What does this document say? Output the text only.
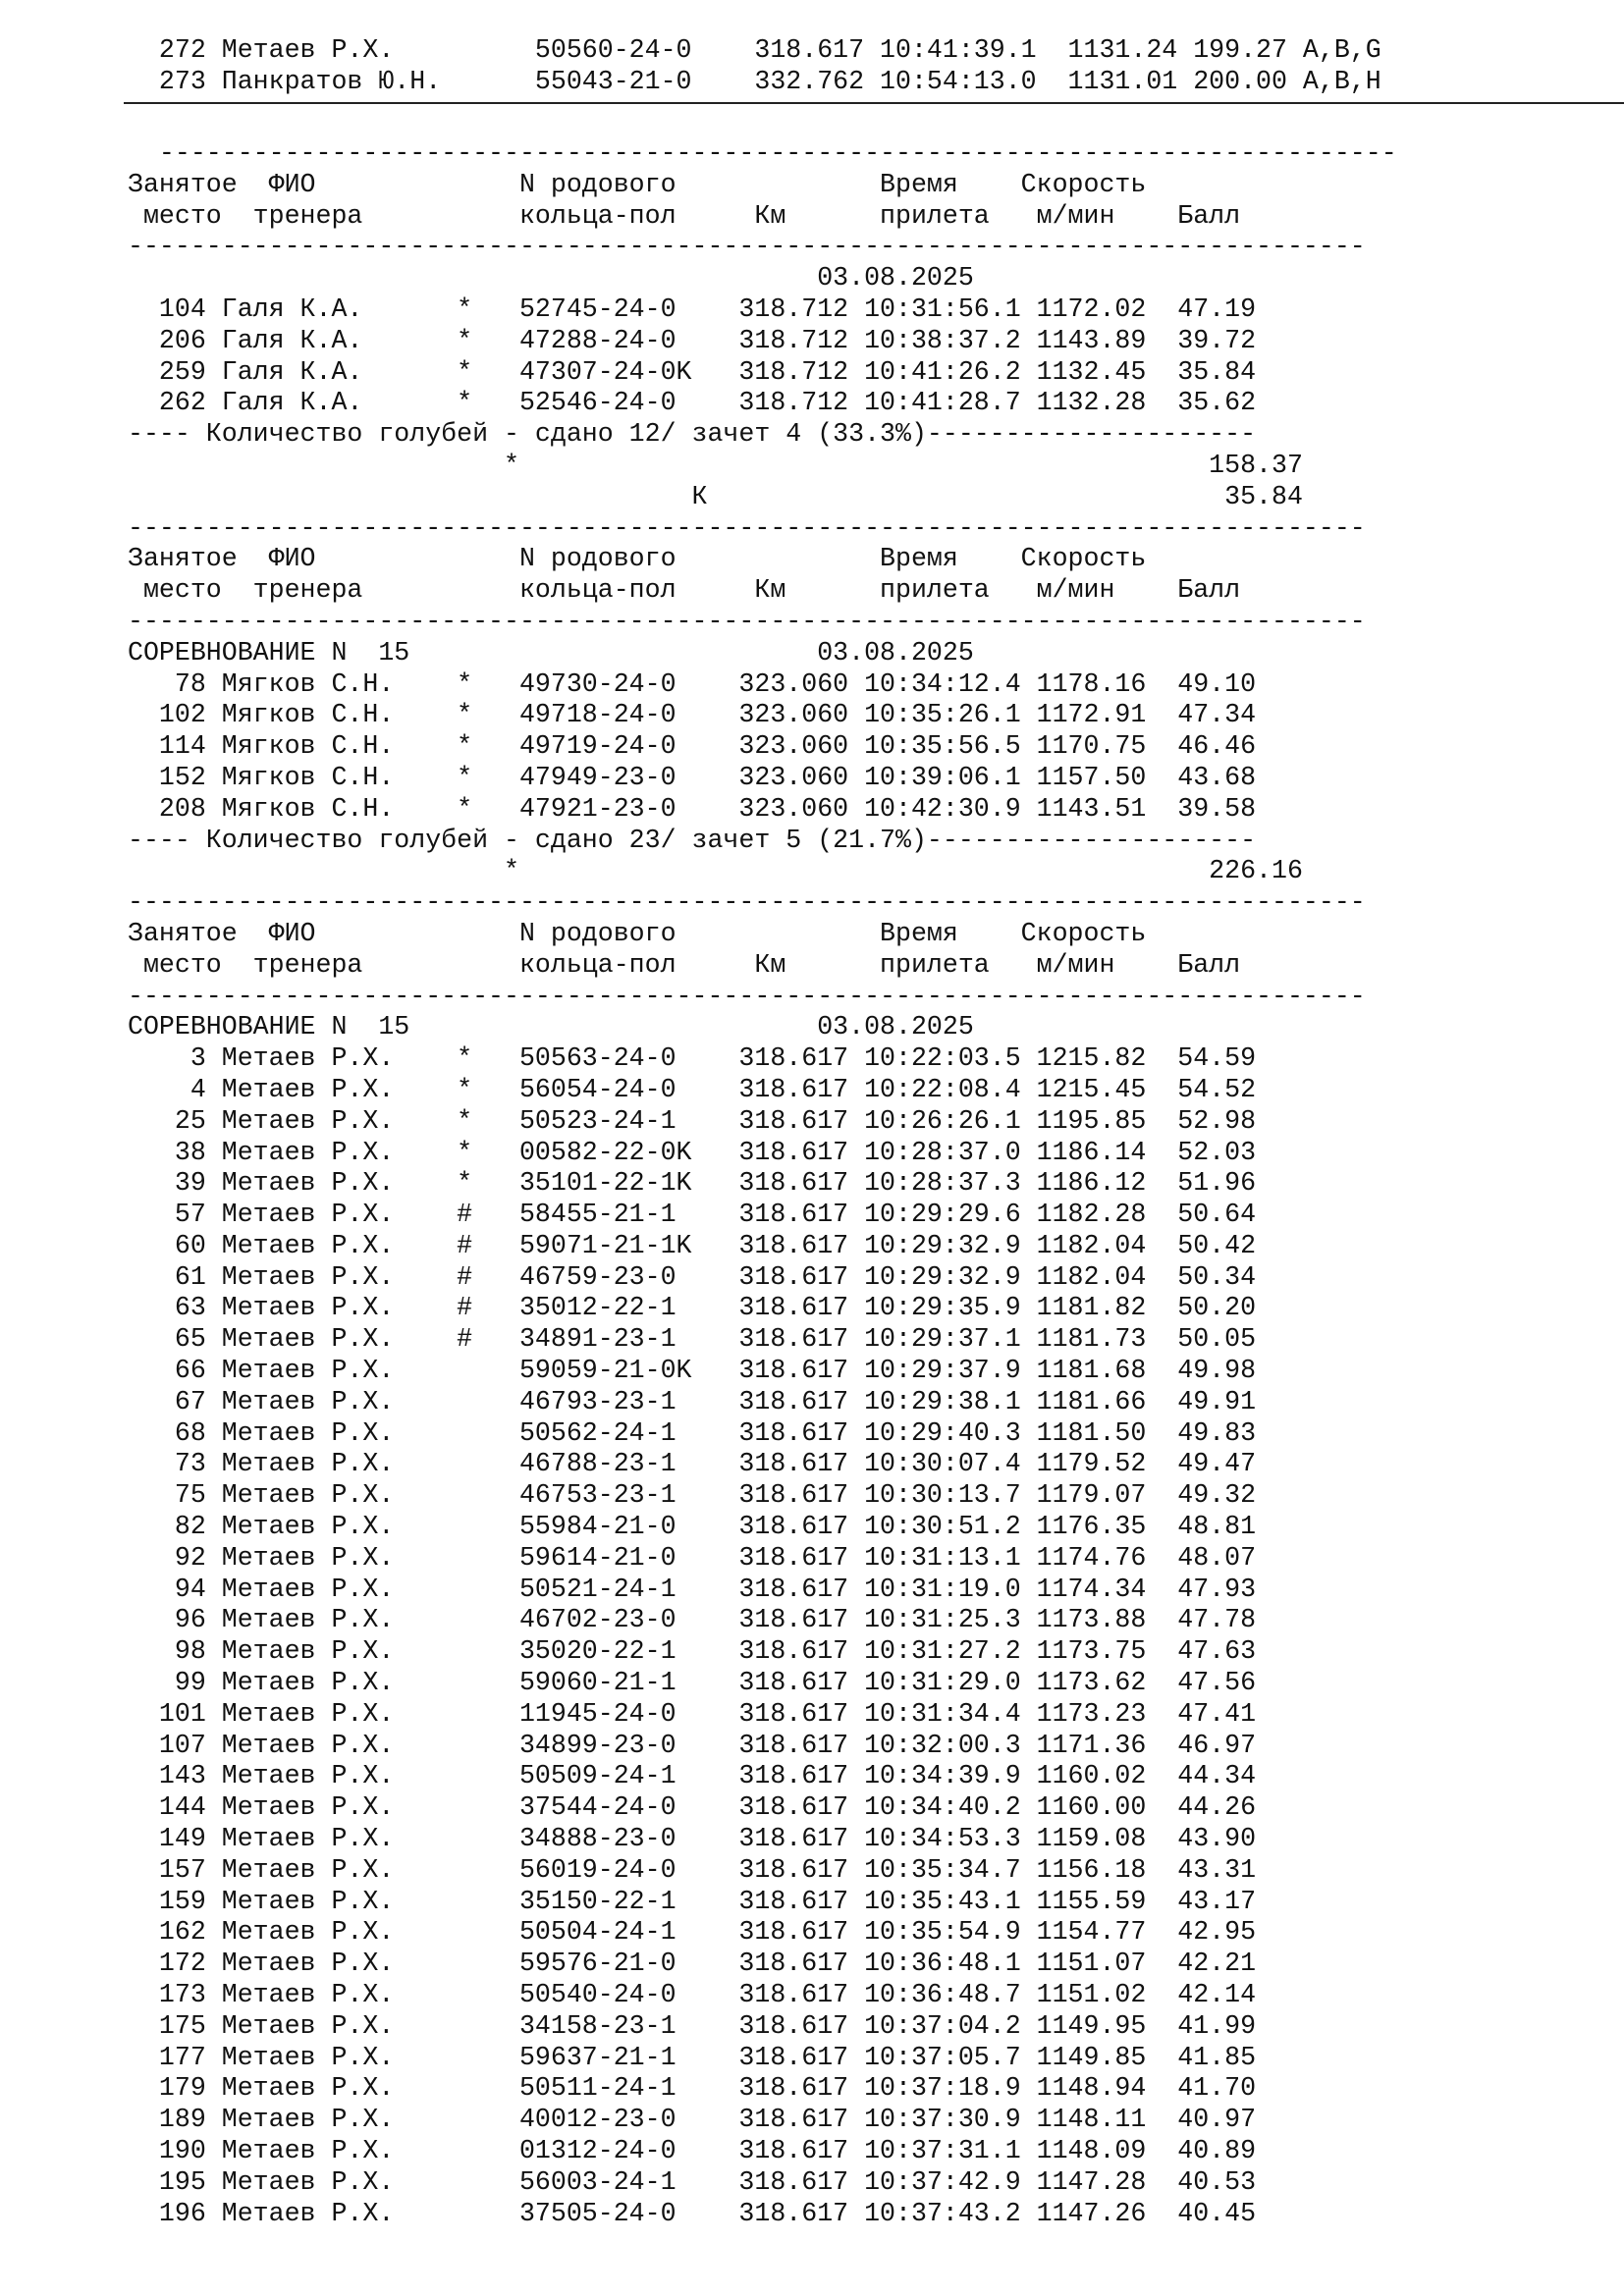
272 Метаев Р.Х.         50560-24-0    318.617 10:41:39.1  1131.24 199.27 A,B,G
273 Панкратов Ю.Н.      55043-21-0    332.762 10:54:13.0  1131.01 200.00 A,B,H
-------------------------------------------------------------------------------
Занятое  ФИО             N родового             Время    Скорость
место  тренера          кольца-пол     Км      прилета   м/мин    Балл
-------------------------------------------------------------------------------
03.08.2025
104 Галя К.А.      *   52745-24-0    318.712 10:31:56.1 1172.02  47.19
206 Галя К.А.      *   47288-24-0    318.712 10:38:37.2 1143.89  39.72
259 Галя К.А.      *   47307-24-0K   318.712 10:41:26.2 1132.45  35.84
262 Галя К.А.      *   52546-24-0    318.712 10:41:28.7 1132.28  35.62
---- Количество голубей - сдано 12/ зачет 4 (33.3%)---------------------
*                                            158.37
К                                 35.84
-------------------------------------------------------------------------------
Занятое  ФИО             N родового             Время    Скорость
место  тренера          кольца-пол     Км      прилета   м/мин    Балл
-------------------------------------------------------------------------------
СОРЕВНОВАНИЕ N  15                          03.08.2025
78 Мягков С.Н.    *   49730-24-0    323.060 10:34:12.4 1178.16  49.10
102 Мягков С.Н.    *   49718-24-0    323.060 10:35:26.1 1172.91  47.34
114 Мягков С.Н.    *   49719-24-0    323.060 10:35:56.5 1170.75  46.46
152 Мягков С.Н.    *   47949-23-0    323.060 10:39:06.1 1157.50  43.68
208 Мягков С.Н.    *   47921-23-0    323.060 10:42:30.9 1143.51  39.58
---- Количество голубей - сдано 23/ зачет 5 (21.7%)---------------------
*                                            226.16
-------------------------------------------------------------------------------
Занятое  ФИО             N родового             Время    Скорость
место  тренера          кольца-пол     Км      прилета   м/мин    Балл
-------------------------------------------------------------------------------
СОРЕВНОВАНИЕ N  15                          03.08.2025
3 Метаев Р.Х.    *   50563-24-0    318.617 10:22:03.5 1215.82  54.59
4 Метаев Р.Х.    *   56054-24-0    318.617 10:22:08.4 1215.45  54.52
25 Метаев Р.Х.    *   50523-24-1    318.617 10:26:26.1 1195.85  52.98
38 Метаев Р.Х.    *   00582-22-0K   318.617 10:28:37.0 1186.14  52.03
39 Метаев Р.Х.    *   35101-22-1K   318.617 10:28:37.3 1186.12  51.96
57 Метаев Р.Х.    #   58455-21-1    318.617 10:29:29.6 1182.28  50.64
60 Метаев Р.Х.    #   59071-21-1K   318.617 10:29:32.9 1182.04  50.42
61 Метаев Р.Х.    #   46759-23-0    318.617 10:29:32.9 1182.04  50.34
63 Метаев Р.Х.    #   35012-22-1    318.617 10:29:35.9 1181.82  50.20
65 Метаев Р.Х.    #   34891-23-1    318.617 10:29:37.1 1181.73  50.05
66 Метаев Р.Х.        59059-21-0K   318.617 10:29:37.9 1181.68  49.98
67 Метаев Р.Х.        46793-23-1    318.617 10:29:38.1 1181.66  49.91
68 Метаев Р.Х.        50562-24-1    318.617 10:29:40.3 1181.50  49.83
73 Метаев Р.Х.        46788-23-1    318.617 10:30:07.4 1179.52  49.47
75 Метаев Р.Х.        46753-23-1    318.617 10:30:13.7 1179.07  49.32
82 Метаев Р.Х.        55984-21-0    318.617 10:30:51.2 1176.35  48.81
92 Метаев Р.Х.        59614-21-0    318.617 10:31:13.1 1174.76  48.07
94 Метаев Р.Х.        50521-24-1    318.617 10:31:19.0 1174.34  47.93
96 Метаев Р.Х.        46702-23-0    318.617 10:31:25.3 1173.88  47.78
98 Метаев Р.Х.        35020-22-1    318.617 10:31:27.2 1173.75  47.63
99 Метаев Р.Х.        59060-21-1    318.617 10:31:29.0 1173.62  47.56
101 Метаев Р.Х.        11945-24-0    318.617 10:31:34.4 1173.23  47.41
107 Метаев Р.Х.        34899-23-0    318.617 10:32:00.3 1171.36  46.97
143 Метаев Р.Х.        50509-24-1    318.617 10:34:39.9 1160.02  44.34
144 Метаев Р.Х.        37544-24-0    318.617 10:34:40.2 1160.00  44.26
149 Метаев Р.Х.        34888-23-0    318.617 10:34:53.3 1159.08  43.90
157 Метаев Р.Х.        56019-24-0    318.617 10:35:34.7 1156.18  43.31
159 Метаев Р.Х.        35150-22-1    318.617 10:35:43.1 1155.59  43.17
162 Метаев Р.Х.        50504-24-1    318.617 10:35:54.9 1154.77  42.95
172 Метаев Р.Х.        59576-21-0    318.617 10:36:48.1 1151.07  42.21
173 Метаев Р.Х.        50540-24-0    318.617 10:36:48.7 1151.02  42.14
175 Метаев Р.Х.        34158-23-1    318.617 10:37:04.2 1149.95  41.99
177 Метаев Р.Х.        59637-21-1    318.617 10:37:05.7 1149.85  41.85
179 Метаев Р.Х.        50511-24-1    318.617 10:37:18.9 1148.94  41.70
189 Метаев Р.Х.        40012-23-0    318.617 10:37:30.9 1148.11  40.97
190 Метаев Р.Х.        01312-24-0    318.617 10:37:31.1 1148.09  40.89
195 Метаев Р.Х.        56003-24-1    318.617 10:37:42.9 1147.28  40.53
196 Метаев Р.Х.        37505-24-0    318.617 10:37:43.2 1147.26  40.45
